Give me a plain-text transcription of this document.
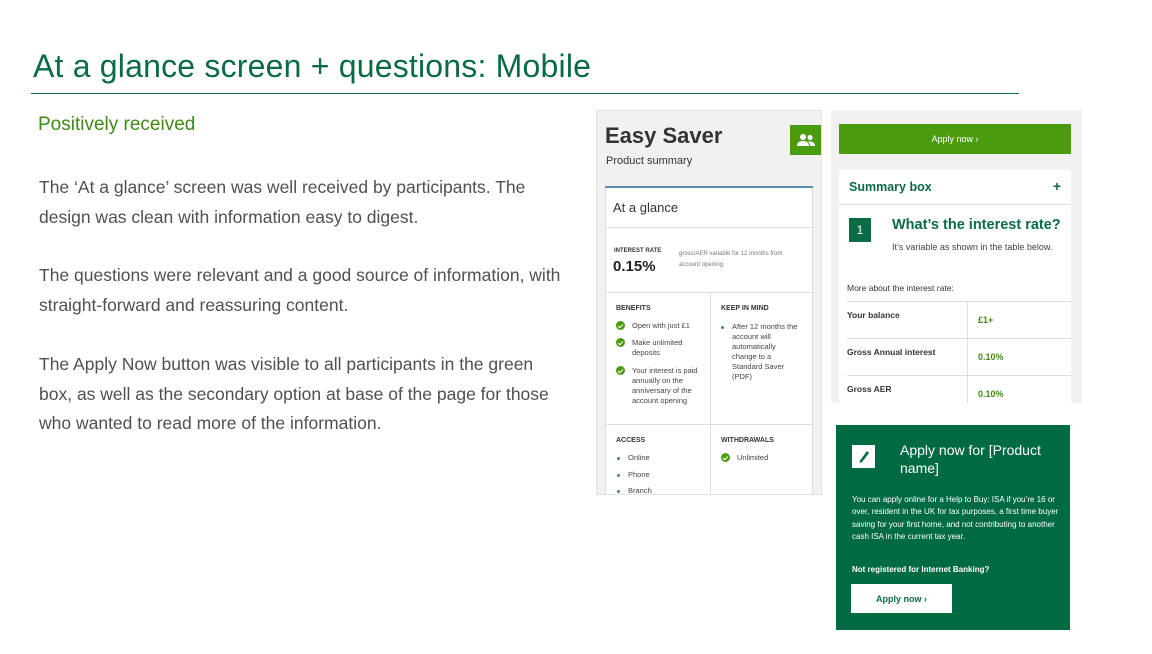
At a glance screen + questions: Mobile
Positively received

The ‘At a glance’ screen was well received by participants. The design was clean with information easy to digest.

The questions were relevant and a good source of information, with straight-forward and reassuring content.

The Apply Now button was visible to all participants in the green box, as well as the secondary option at base of the page for those who wanted to read more of the information.

Easy Saver
Product summary
At a glance
INTEREST RATE
0.15%
gross/AER variable for 12 months from account opening
BENEFITS
Open with just £1
Make unlimited deposits
Your interest is paid annually on the anniversary of the account opening
KEEP IN MIND
After 12 months the account will automatically change to a Standard Saver (PDF)
ACCESS
Online
Phone
Branch
WITHDRAWALS
Unlimited
Apply now ›
Summary box	+
1	What’s the interest rate?
It’s variable as shown in the table below.
More about the interest rate:
Your balance	£1+
Gross Annual interest	0.10%
Gross AER	0.10%
Apply now for [Product name]
You can apply online for a Help to Buy: ISA if you’re 16 or over, resident in the UK for tax purposes, a first time buyer saving for your first home, and not contributing to another cash ISA in the current tax year.
Not registered for Internet Banking?
Apply now ›
